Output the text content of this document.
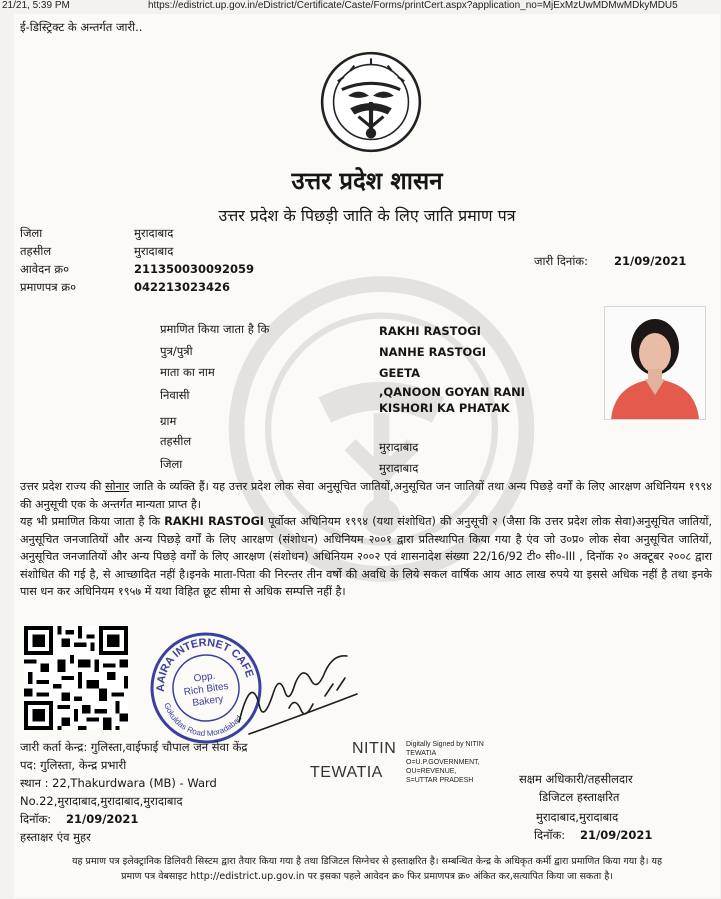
21/21, 5:39 PM	https://edistrict.up.gov.in/eDistrict/Certificate/Caste/Forms/printCert.aspx?application_no=MjExMzUwMDMwMDkyMDU5
ई-डिस्ट्रिक्ट के अन्तर्गत जारी..
उत्तर प्रदेश शासन
उत्तर प्रदेश के पिछड़ी जाति के लिए जाति प्रमाण पत्र
जिला	मुरादाबाद
तहसील	मुरादाबाद
आवेदन क्र०	211350030092059
प्रमाणपत्र क्र०	042213023426
जारी दिनांक: 21/09/2021
प्रमाणित किया जाता है कि	RAKHI RASTOGI
पुत्र/पुत्री	NANHE RASTOGI
माता का नाम	GEETA
निवासी	,QANOON GOYAN RANI
KISHORI KA PHATAK
ग्राम
तहसील	मुरादाबाद
जिला	मुरादाबाद

उत्तर प्रदेश राज्य की सोनार जाति के व्यक्ति हैं। यह उत्तर प्रदेश लोक सेवा अनुसूचित जातियों,अनुसूचित जन जातियों तथा अन्य पिछड़े वर्गों के लिए आरक्षण अधिनियम १९९४ की अनुसूची एक के अन्तर्गत मान्यता प्राप्त है।

यह भी प्रमाणित किया जाता है कि RAKHI RASTOGI पूर्वोक्त अधिनियम १९९४ (यथा संशोधित) की अनुसूची २ (जैसा कि उत्तर प्रदेश लोक सेवा)अनुसूचित जातियों, अनुसूचित जनजातियों और अन्य पिछड़े वर्गों के लिए आरक्षण (संशोधन) अधिनियम २००१ द्वारा प्रतिस्थापित किया गया है एंव जो उ०प्र० लोक सेवा अनुसूचित जातियों, अनुसूचित जनजातियों और अन्य पिछड़े वर्गों के लिए आरक्षण (संशोधन) अधिनियम २००२ एवं शासनादेश संख्या 22/16/92 टी० सी०-III , दिनॉक २० अक्टूबर २००८ द्वारा संशोधित की गई है, से आच्छादित नहीं है।इनके माता-पिता की निरन्तर तीन वर्षो की अवधि के लिये सकल वार्षिक आय आठ लाख रुपये या इससे अधिक नहीं है तथा इनके पास धन कर अधिनियम १९५७ में यथा विहित छूट सीमा से अधिक सम्पत्ति नहीं है।

AAIRA INTERNET CAFE
Gokuldas Road Moradabad
Opp.
Rich Bites
Bakery
जारी कर्ता केन्द्र: गुलिस्ता,वाईफाई चौपाल जन सेवा केंद्र
पद: गुलिस्ता, केन्द्र प्रभारी
स्थान : 22,Thakurdwara (MB) - Ward
No.22,मुरादाबाद,मुरादाबाद,मुरादाबाद
दिनॉक: 21/09/2021
हस्ताक्षर एंव मुहर
NITIN
TEWATIA
Digitally Signed by NITIN
TEWATIA
O=U.P.GOVERNMENT,
OU=REVENUE,
S=UTTAR PRADESH	सक्षम अधिकारी/तहसीलदार
डिजिटल हस्ताक्षरित
मुरादाबाद,मुरादाबाद
दिनॉक: 21/09/2021
यह प्रमाण पत्र इलेक्ट्रानिक डिलिवरी सिस्टम द्वारा तैयार किया गया है तथा डिजिटल सिग्नेचर से हस्ताक्षरित है। सम्बन्धित केन्द्र के अधिकृत कर्मी द्वारा प्रमाणित किया गया है। यह
प्रमाण पत्र वेबसाइट http://edistrict.up.gov.in पर इसका पहले आवेदन क्र० फिर प्रमाणपत्र क्र० अंकित कर,सत्यापित किया जा सकता है।
